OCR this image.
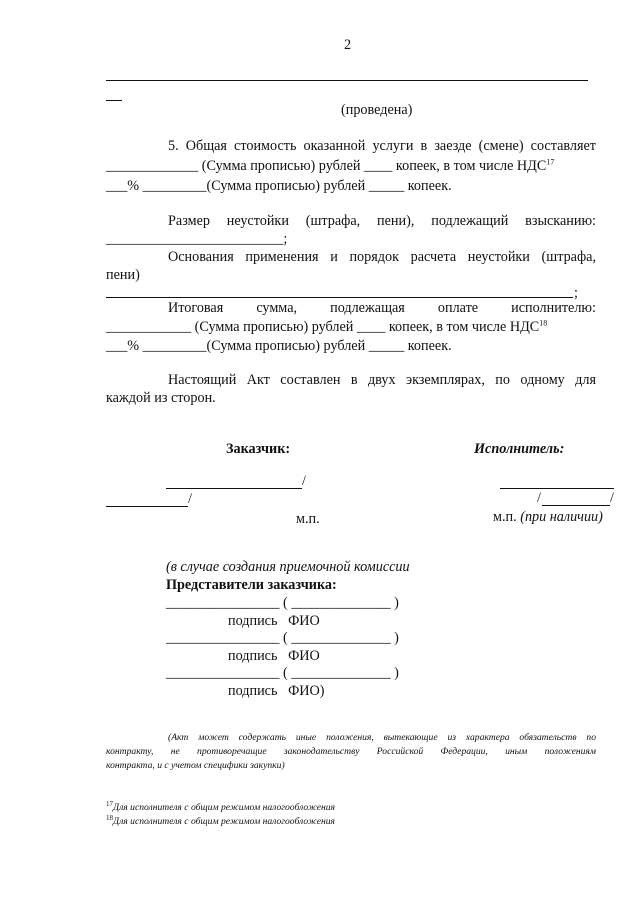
2
(проведена)
5. Общая стоимость оказанной услуги в заезде (смене) составляет
_____________ (Сумма прописью) рублей ____ копеек, в том числе НДС$^{17}$
___% _________(Сумма прописью) рублей _____ копеек.
Размер неустойки (штрафа, пени), подлежащий взысканию:
_________________________;
Основания применения и порядок расчета неустойки (штрафа,
пени)
;
Итоговая сумма, подлежащая оплате исполнителю:
____________ (Сумма прописью) рублей ____ копеек, в том числе НДС$^{18}$
___% _________(Сумма прописью) рублей _____ копеек.
Настоящий Акт составлен в двух экземплярах, по одному для
каждой из сторон.
Заказчик:	Исполнитель:
/
/
м.п.
/	/
м.п. (при наличии)
(в случае создания приемочной комиссии
Представители заказчика:
________________ ( ______________ )
подпись   ФИО
________________ ( ______________ )
подпись   ФИО
________________ ( ______________ )
подпись   ФИО)
(Акт может содержать иные положения, вытекающие из характера обязательств по
контракту, не противоречащие законодательству Российской Федерации, иным положениям
контракта, и с учетом специфики закупки)
$^{17}$Для исполнителя с общим режимом налогообложения
$^{18}$Для исполнителя с общим режимом налогообложения
